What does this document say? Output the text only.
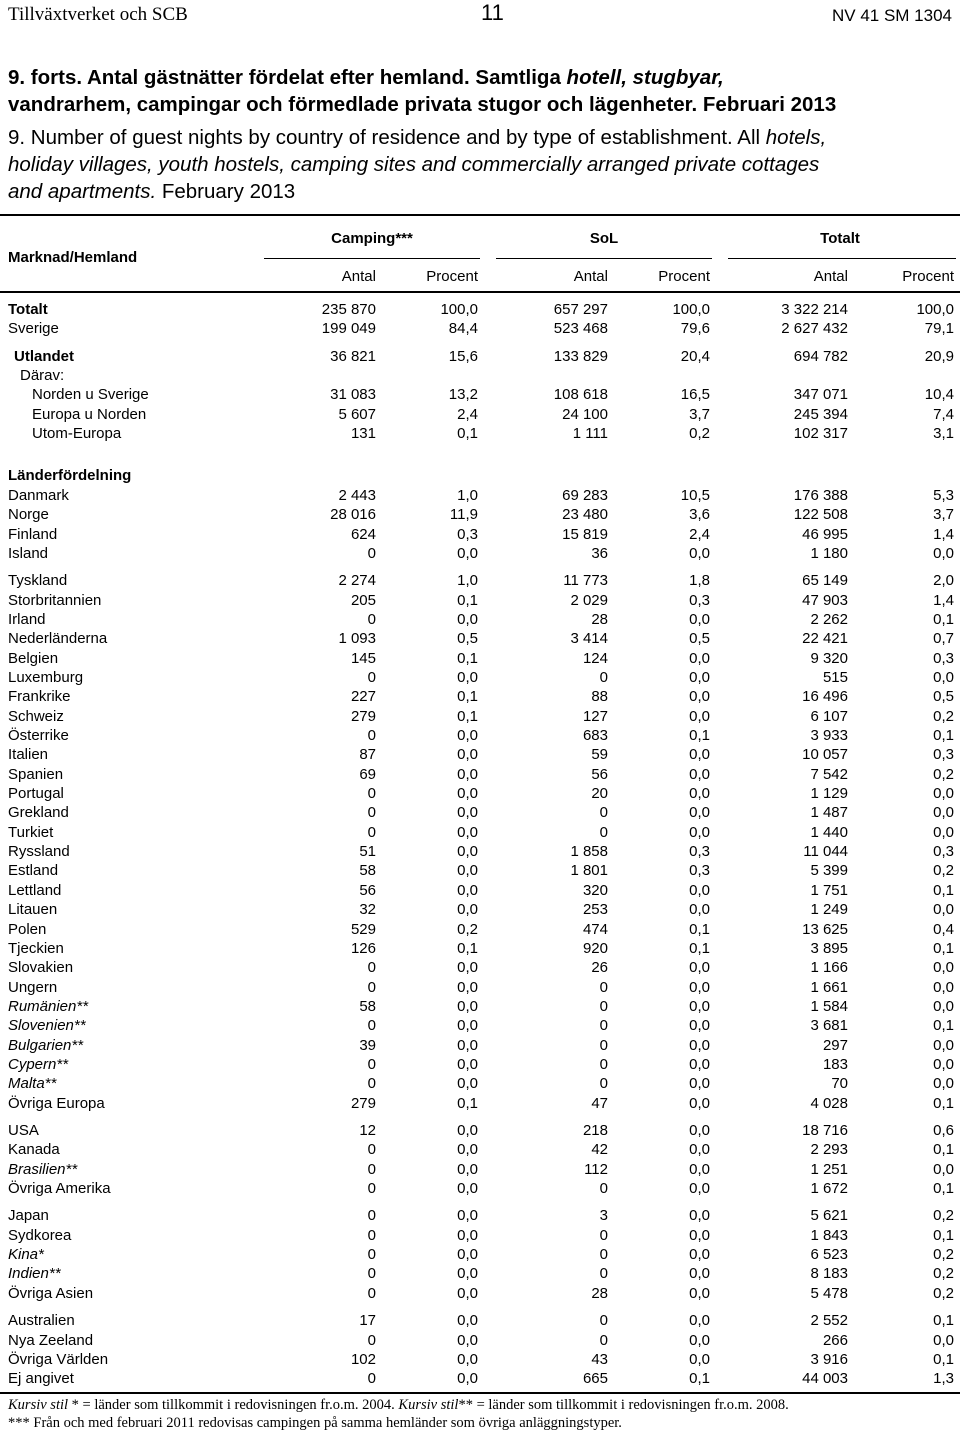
Tillväxtverket och SCB	11	NV 41 SM 1304
9. forts. Antal gästnätter fördelat efter hemland. Samtliga hotell, stugbyar,
vandrarhem, campingar och förmedlade privata stugor och lägenheter. Februari 2013
9. Number of guest nights by country of residence and by type of establishment. All hotels,
holiday villages, youth hostels, camping sites and commercially arranged private cottages
and apartments. February 2013
Marknad/Hemland
Camping***	SoL	Totalt
Antal	Procent	Antal	Procent	Antal	Procent
Totalt	235 870	100,0	657 297	100,0	3 322 214	100,0
Sverige	199 049	84,4	523 468	79,6	2 627 432	79,1
Utlandet	36 821	15,6	133 829	20,4	694 782	20,9
Därav:
Norden u Sverige	31 083	13,2	108 618	16,5	347 071	10,4
Europa u Norden	5 607	2,4	24 100	3,7	245 394	7,4
Utom-Europa	131	0,1	1 111	0,2	102 317	3,1
Länderfördelning
Danmark	2 443	1,0	69 283	10,5	176 388	5,3
Norge	28 016	11,9	23 480	3,6	122 508	3,7
Finland	624	0,3	15 819	2,4	46 995	1,4
Island	0	0,0	36	0,0	1 180	0,0
Tyskland	2 274	1,0	11 773	1,8	65 149	2,0
Storbritannien	205	0,1	2 029	0,3	47 903	1,4
Irland	0	0,0	28	0,0	2 262	0,1
Nederländerna	1 093	0,5	3 414	0,5	22 421	0,7
Belgien	145	0,1	124	0,0	9 320	0,3
Luxemburg	0	0,0	0	0,0	515	0,0
Frankrike	227	0,1	88	0,0	16 496	0,5
Schweiz	279	0,1	127	0,0	6 107	0,2
Österrike	0	0,0	683	0,1	3 933	0,1
Italien	87	0,0	59	0,0	10 057	0,3
Spanien	69	0,0	56	0,0	7 542	0,2
Portugal	0	0,0	20	0,0	1 129	0,0
Grekland	0	0,0	0	0,0	1 487	0,0
Turkiet	0	0,0	0	0,0	1 440	0,0
Ryssland	51	0,0	1 858	0,3	11 044	0,3
Estland	58	0,0	1 801	0,3	5 399	0,2
Lettland	56	0,0	320	0,0	1 751	0,1
Litauen	32	0,0	253	0,0	1 249	0,0
Polen	529	0,2	474	0,1	13 625	0,4
Tjeckien	126	0,1	920	0,1	3 895	0,1
Slovakien	0	0,0	26	0,0	1 166	0,0
Ungern	0	0,0	0	0,0	1 661	0,0
Rumänien**	58	0,0	0	0,0	1 584	0,0
Slovenien**	0	0,0	0	0,0	3 681	0,1
Bulgarien**	39	0,0	0	0,0	297	0,0
Cypern**	0	0,0	0	0,0	183	0,0
Malta**	0	0,0	0	0,0	70	0,0
Övriga Europa	279	0,1	47	0,0	4 028	0,1
USA	12	0,0	218	0,0	18 716	0,6
Kanada	0	0,0	42	0,0	2 293	0,1
Brasilien**	0	0,0	112	0,0	1 251	0,0
Övriga Amerika	0	0,0	0	0,0	1 672	0,1
Japan	0	0,0	3	0,0	5 621	0,2
Sydkorea	0	0,0	0	0,0	1 843	0,1
Kina*	0	0,0	0	0,0	6 523	0,2
Indien**	0	0,0	0	0,0	8 183	0,2
Övriga Asien	0	0,0	28	0,0	5 478	0,2
Australien	17	0,0	0	0,0	2 552	0,1
Nya Zeeland	0	0,0	0	0,0	266	0,0
Övriga Världen	102	0,0	43	0,0	3 916	0,1
Ej angivet	0	0,0	665	0,1	44 003	1,3
Kursiv stil * = länder som tillkommit i redovisningen fr.o.m. 2004. Kursiv stil** = länder som tillkommit i redovisningen fr.o.m. 2008.
*** Från och med februari 2011 redovisas campingen på samma hemländer som övriga anläggningstyper.
